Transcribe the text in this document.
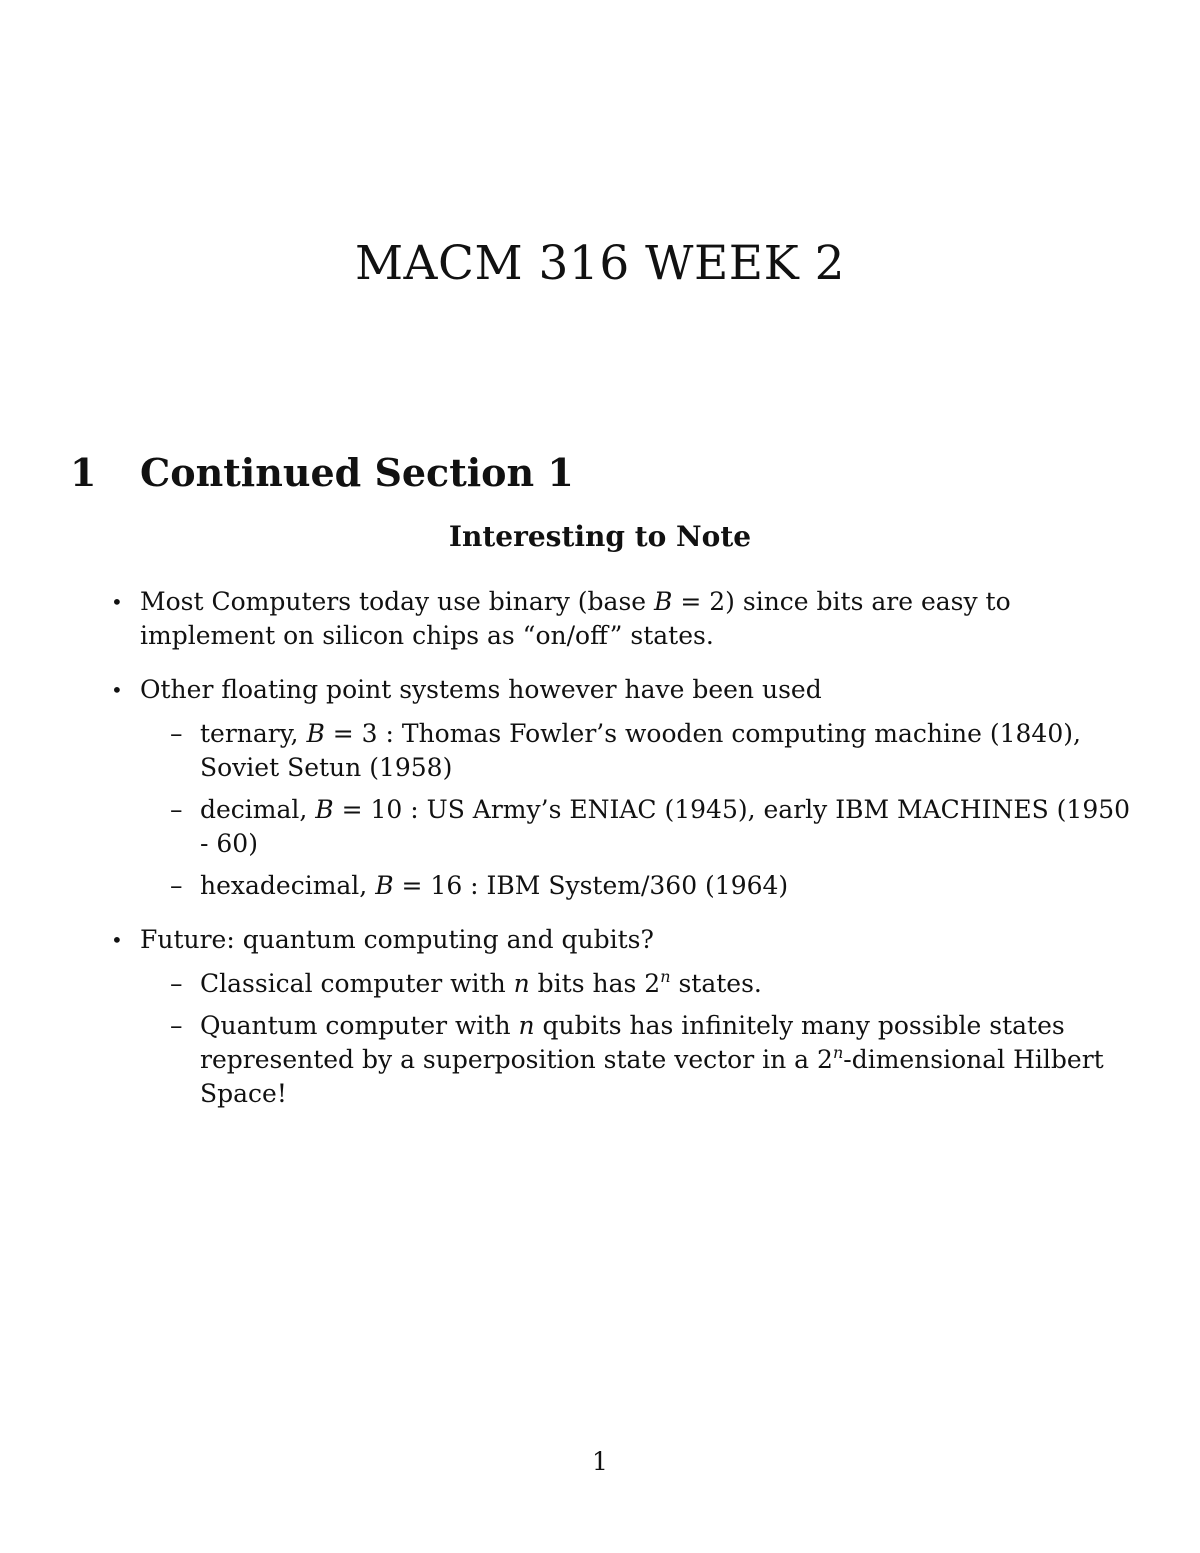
MACM 316 WEEK 2
1 Continued Section 1
Interesting to Note
• Most Computers today use binary (base B = 2) since bits are easy to implement on silicon chips as “on/off” states.
• Other floating point systems however have been used
– ternary, B = 3 : Thomas Fowler’s wooden computing machine (1840), Soviet Setun (1958)
– decimal, B = 10 : US Army’s ENIAC (1945), early IBM MACHINES (1950 - 60)
– hexadecimal, B = 16 : IBM System/360 (1964)
• Future: quantum computing and qubits?
– Classical computer with n bits has 2$^n$ states.
– Quantum computer with n qubits has infinitely many possible states represented by a superposition state vector in a 2$^n$-dimensional Hilbert Space!
1
